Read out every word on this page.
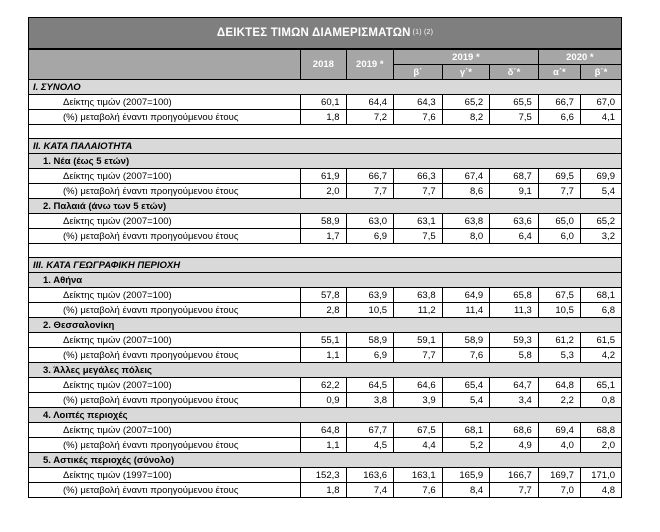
ΔΕΙΚΤΕΣ ΤΙΜΩΝ ΔΙΑΜΕΡΙΣΜΑΤΩΝ $^{(1) (2)}$
	2018	2019 *	2019 *			2020 *	
			β΄	γ΄*	δ΄*	α΄*	β΄*
I. ΣΥΝΟΛΟ							
Δείκτης τιμών (2007=100)	60,1	64,4	64,3	65,2	65,5	66,7	67,0
(%) μεταβολή έναντι προηγούμενου έτους	1,8	7,2	7,6	8,2	7,5	6,6	4,1

II. ΚΑΤΑ ΠΑΛΑΙΟΤΗΤΑ							
1. Νέα (έως 5 ετών)							
Δείκτης τιμών (2007=100)	61,9	66,7	66,3	67,4	68,7	69,5	69,9
(%) μεταβολή έναντι προηγούμενου έτους	2,0	7,7	7,7	8,6	9,1	7,7	5,4
2. Παλαιά (άνω των 5 ετών)							
Δείκτης τιμών (2007=100)	58,9	63,0	63,1	63,8	63,6	65,0	65,2
(%) μεταβολή έναντι προηγούμενου έτους	1,7	6,9	7,5	8,0	6,4	6,0	3,2

III. ΚΑΤΑ ΓΕΩΓΡΑΦΙΚΗ ΠΕΡΙΟΧΗ							
1. Αθήνα							
Δείκτης τιμών (2007=100)	57,8	63,9	63,8	64,9	65,8	67,5	68,1
(%) μεταβολή έναντι προηγούμενου έτους	2,8	10,5	11,2	11,4	11,3	10,5	6,8
2. Θεσσαλονίκη							
Δείκτης τιμών (2007=100)	55,1	58,9	59,1	58,9	59,3	61,2	61,5
(%) μεταβολή έναντι προηγούμενου έτους	1,1	6,9	7,7	7,6	5,8	5,3	4,2
3. Άλλες μεγάλες πόλεις							
Δείκτης τιμών (2007=100)	62,2	64,5	64,6	65,4	64,7	64,8	65,1
(%) μεταβολή έναντι προηγούμενου έτους	0,9	3,8	3,9	5,4	3,4	2,2	0,8
4. Λοιπές περιοχές							
Δείκτης τιμών (2007=100)	64,8	67,7	67,5	68,1	68,6	69,4	68,8
(%) μεταβολή έναντι προηγούμενου έτους	1,1	4,5	4,4	5,2	4,9	4,0	2,0
5. Αστικές περιοχές (σύνολο)							
Δείκτης τιμών (1997=100)	152,3	163,6	163,1	165,9	166,7	169,7	171,0
(%) μεταβολή έναντι προηγούμενου έτους	1,8	7,4	7,6	8,4	7,7	7,0	4,8
